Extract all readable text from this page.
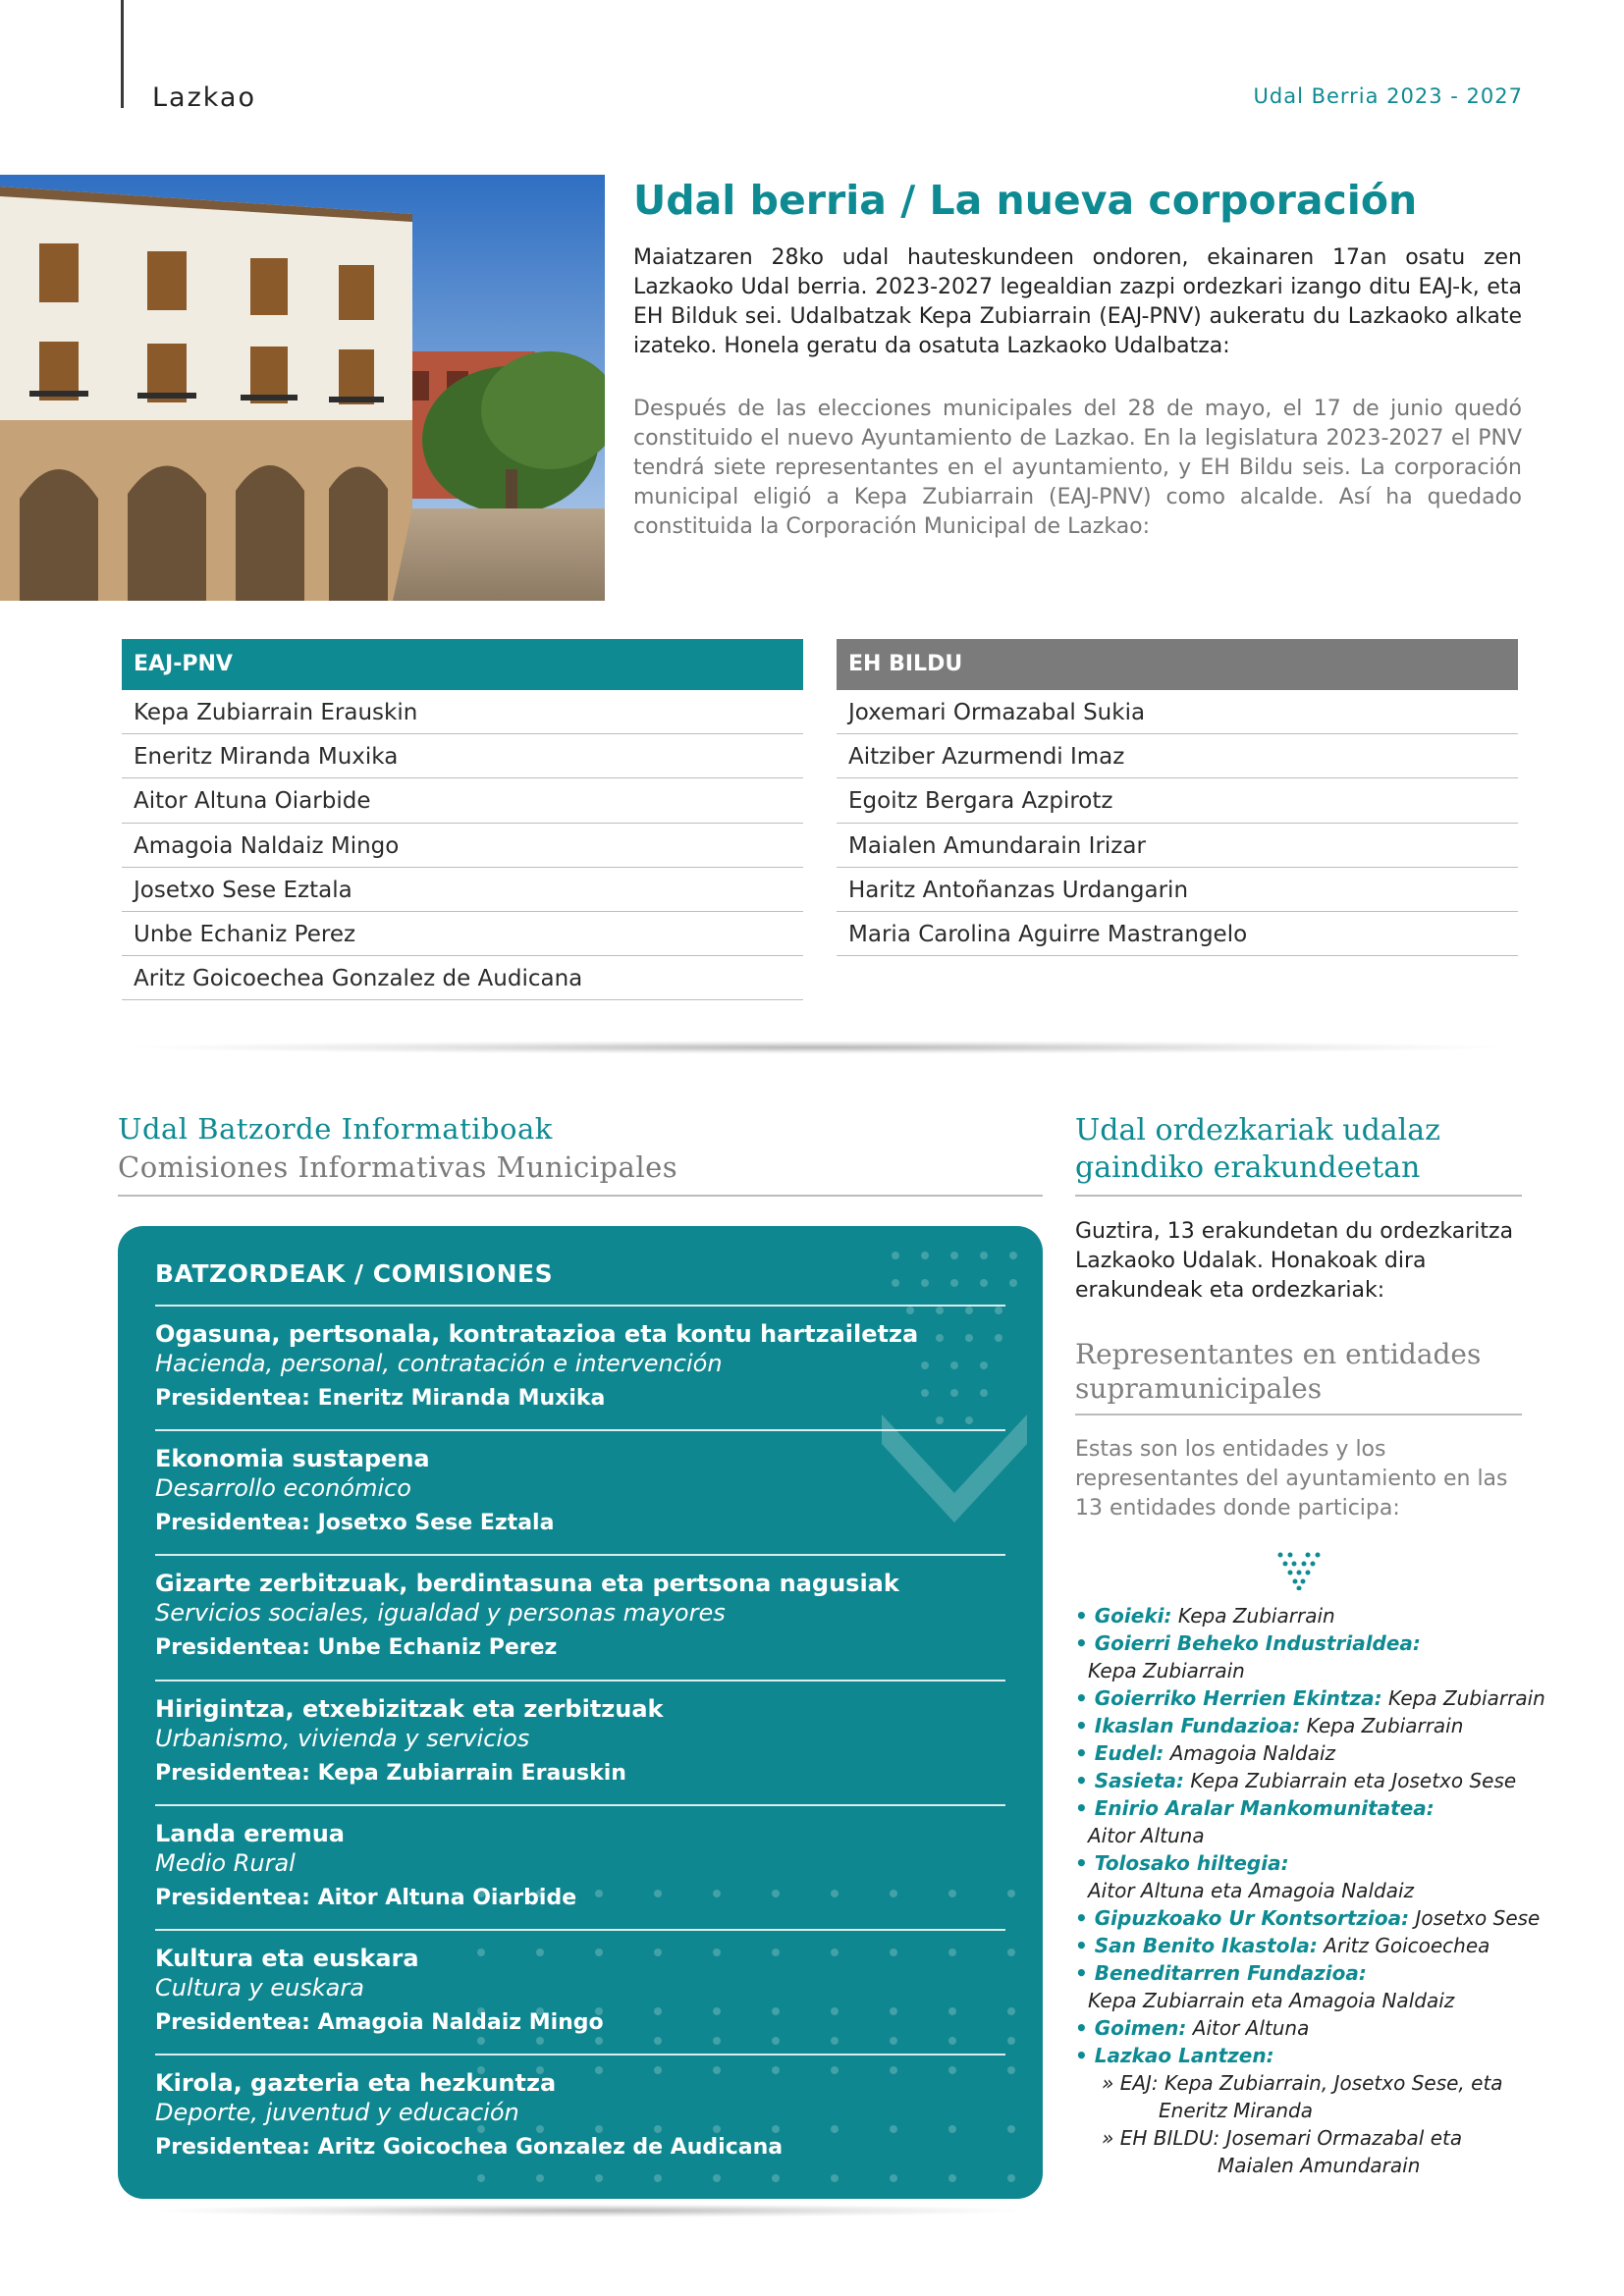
Lazkao	Udal Berria 2023 - 2027
Udal berria / La nueva corporación

Maiatzaren 28ko udal hauteskundeen ondoren, ekainaren 17an osatu zen Lazkaoko Udal berria. 2023-2027 legealdian zazpi ordezkari izango ditu EAJ-k, eta EH Bilduk sei. Udalbatzak Kepa Zubiarrain (EAJ-PNV) aukeratu du Lazkaoko alkate izateko. Honela geratu da osatuta Lazkaoko Udalbatza:

Después de las elecciones municipales del 28 de mayo, el 17 de junio quedó constituido el nuevo Ayuntamiento de Lazkao. En la legislatura 2023-2027 el PNV tendrá siete representantes en el ayuntamiento, y EH Bildu seis. La corporación municipal eligió a Kepa Zubiarrain (EAJ-PNV) como alcalde. Así ha quedado constituida la Corporación Municipal de Lazkao:

EAJ-PNV
Kepa Zubiarrain Erauskin
Eneritz Miranda Muxika
Aitor Altuna Oiarbide
Amagoia Naldaiz Mingo
Josetxo Sese Eztala
Unbe Echaniz Perez
Aritz Goicoechea Gonzalez de Audicana
EH BILDU
Joxemari Ormazabal Sukia
Aitziber Azurmendi Imaz
Egoitz Bergara Azpirotz
Maialen Amundarain Irizar
Haritz Antoñanzas Urdangarin
Maria Carolina Aguirre Mastrangelo
Udal Batzorde Informatiboak
Comisiones Informativas Municipales
BATZORDEAK / COMISIONES
Ogasuna, pertsonala, kontratazioa eta kontu hartzailetza
Hacienda, personal, contratación e intervención
Presidentea: Eneritz Miranda Muxika
Ekonomia sustapena
Desarrollo económico
Presidentea: Josetxo Sese Eztala
Gizarte zerbitzuak, berdintasuna eta pertsona nagusiak
Servicios sociales, igualdad y personas mayores
Presidentea: Unbe Echaniz Perez
Hirigintza, etxebizitzak eta zerbitzuak
Urbanismo, vivienda y servicios
Presidentea: Kepa Zubiarrain Erauskin
Landa eremua
Medio Rural
Presidentea: Aitor Altuna Oiarbide
Kultura eta euskara
Cultura y euskara
Presidentea: Amagoia Naldaiz Mingo
Kirola, gazteria eta hezkuntza
Deporte, juventud y educación
Presidentea: Aritz Goicochea Gonzalez de Audicana
Udal ordezkariak udalaz gaindiko erakundeetan

Guztira, 13 erakundetan du ordezkaritza Lazkaoko Udalak. Honakoak dira erakundeak eta ordezkariak:

Representantes en entidades supramunicipales

Estas son los entidades y los representantes del ayuntamiento en las 13 entidades donde participa:

• Goieki: Kepa Zubiarrain
• Goierri Beheko Industrialdea:
Kepa Zubiarrain
• Goierriko Herrien Ekintza: Kepa Zubiarrain
• Ikaslan Fundazioa: Kepa Zubiarrain
• Eudel: Amagoia Naldaiz
• Sasieta: Kepa Zubiarrain eta Josetxo Sese
• Enirio Aralar Mankomunitatea:
Aitor Altuna
• Tolosako hiltegia:
Aitor Altuna eta Amagoia Naldaiz
• Gipuzkoako Ur Kontsortzioa: Josetxo Sese
• San Benito Ikastola: Aritz Goicoechea
• Beneditarren Fundazioa:
Kepa Zubiarrain eta Amagoia Naldaiz
• Goimen: Aitor Altuna
• Lazkao Lantzen:
» EAJ: Kepa Zubiarrain, Josetxo Sese, eta
Eneritz Miranda
» EH BILDU: Josemari Ormazabal eta
Maialen Amundarain
